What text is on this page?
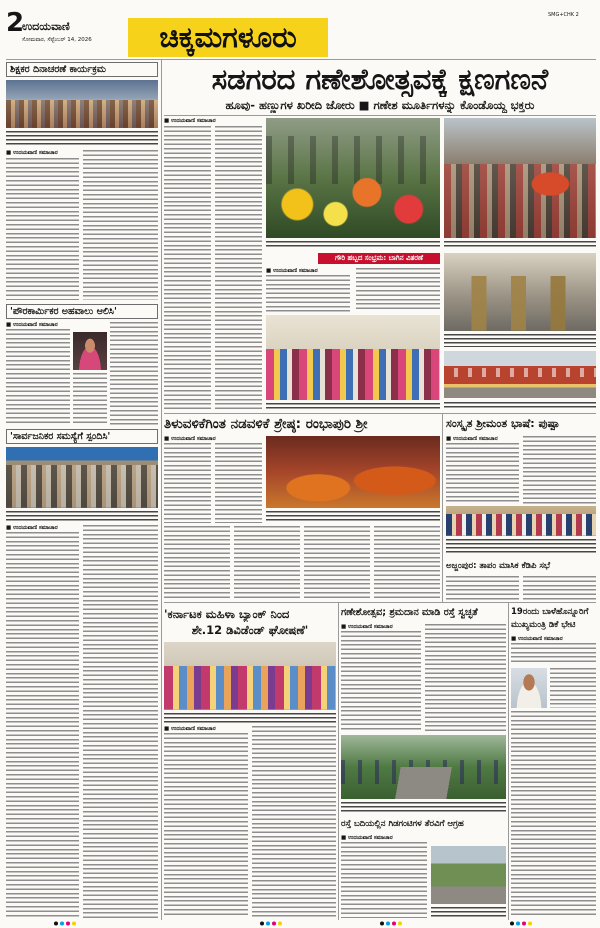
2
ಉದಯವಾಣಿ
ಸೋಮವಾರ, ಸೆಪ್ಟೆಂಬರ್ 14, 2026	ಚಿಕ್ಕಮಗಳೂರು
SMG+CHK 2
ಶಿಕ್ಷಕರ ದಿನಾಚರಣೆ ಕಾರ್ಯಕ್ರಮ
■ ಉದಯವಾಣಿ ಸಮಾಚಾರ
'ಪೌರಕಾರ್ಮಿಕರ ಅಹವಾಲು ಆಲಿಸಿ'
■ ಉದಯವಾಣಿ ಸಮಾಚಾರ
'ಸಾರ್ವಜನಿಕರ ಸಮಸ್ಯೆಗೆ ಸ್ಪಂದಿಸಿ'
■ ಉದಯವಾಣಿ ಸಮಾಚಾರ
ಸಡಗರದ ಗಣೇಶೋತ್ಸವಕ್ಕೆ ಕ್ಷಣಗಣನೆ
ಹೂವು- ಹಣ್ಣುಗಳ ಖರೀದಿ ಜೋರು ■ ಗಣೇಶ ಮೂರ್ತಿಗಳನ್ನು ಕೊಂಡೊಯ್ದ ಭಕ್ತರು
■ ಉದಯವಾಣಿ ಸಮಾಚಾರ
ಗೌರಿ ಹಬ್ಬದ ಸಂಭ್ರಮ: ಬಾಗಿನ ವಿತರಣೆ
■ ಉದಯವಾಣಿ ಸಮಾಚಾರ
ತಿಳುವಳಿಕೆಗಿಂತ ನಡವಳಿಕೆ ಶ್ರೇಷ್ಠ: ರಂಭಾಪುರಿ ಶ್ರೀ
■ ಉದಯವಾಣಿ ಸಮಾಚಾರ
ಸಂಸ್ಕೃತ ಶ್ರೀಮಂತ ಭಾಷೆ: ಪುಷ್ಪಾ
■ ಉದಯವಾಣಿ ಸಮಾಚಾರ
ಅಜ್ಜಂಪುರ: ತಾಪಂ ಮಾಸಿಕ ಕೆಡಿಪಿ ಸಭೆ
'ಕರ್ನಾಟಕ ಮಹಿಳಾ ಬ್ಯಾಂಕ್ ನಿಂದ
ಶೇ.12 ಡಿವಿಡೆಂಡ್ ಘೋಷಣೆ'
■ ಉದಯವಾಣಿ ಸಮಾಚಾರ
ಗಣೇಶೋತ್ಸವ; ಶ್ರಮದಾನ ಮಾಡಿ ರಸ್ತೆ ಸ್ವಚ್ಛತೆ
■ ಉದಯವಾಣಿ ಸಮಾಚಾರ
ರಸ್ತೆ ಬದಿಯಲ್ಲಿನ ಗಿಡಗಂಟಿಗಳ ತೆರವಿಗೆ ಆಗ್ರಹ
■ ಉದಯವಾಣಿ ಸಮಾಚಾರ
19ರಂದು ಬಾಳೆಹೊನ್ನೂರಿಗೆ
ಮುಖ್ಯಮಂತ್ರಿ ಡಿಕೆ ಭೇಟಿ
■ ಉದಯವಾಣಿ ಸಮಾಚಾರ
